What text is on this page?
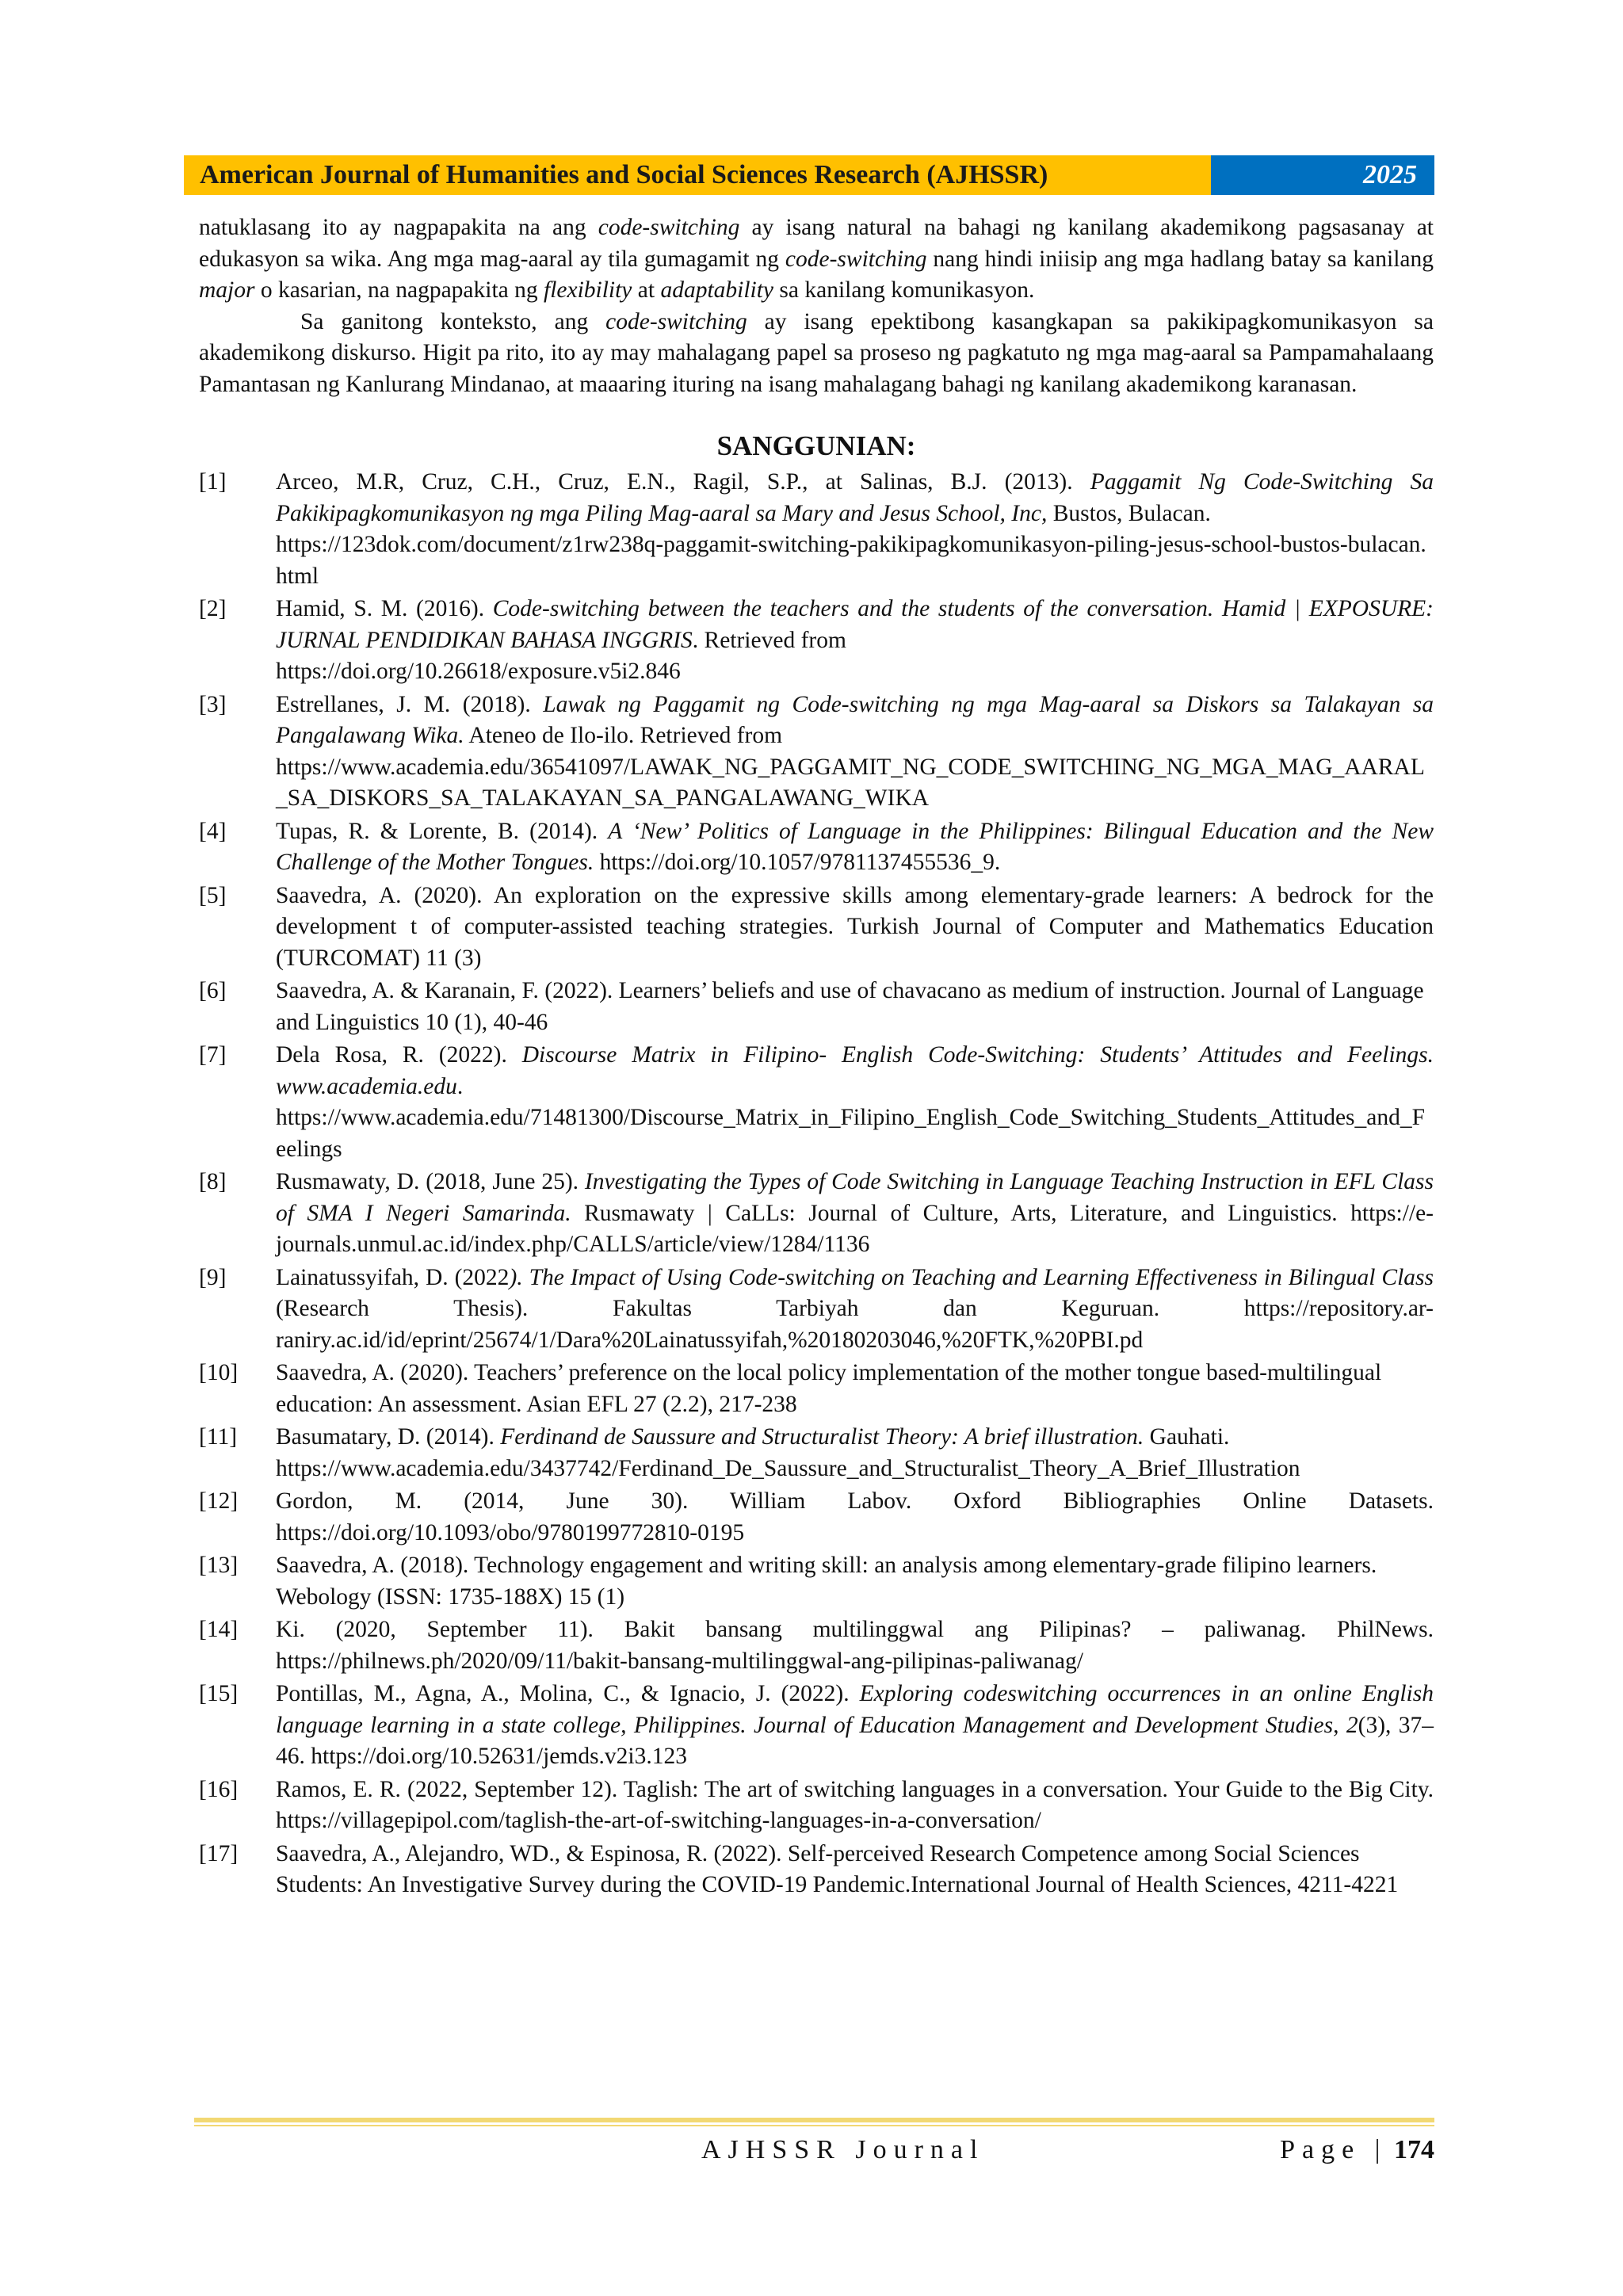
American Journal of Humanities and Social Sciences Research (AJHSSR)	2025

natuklasang ito ay nagpapakita na ang code-switching ay isang natural na bahagi ng kanilang akademikong pagsasanay at edukasyon sa wika. Ang mga mag-aaral ay tila gumagamit ng code-switching nang hindi iniisip ang mga hadlang batay sa kanilang major o kasarian, na nagpapakita ng flexibility at adaptability sa kanilang komunikasyon.

Sa ganitong konteksto, ang code-switching ay isang epektibong kasangkapan sa pakikipagkomunikasyon sa akademikong diskurso. Higit pa rito, ito ay may mahalagang papel sa proseso ng pagkatuto ng mga mag-aaral sa Pampamahalaang Pamantasan ng Kanlurang Mindanao, at maaaring ituring na isang mahalagang bahagi ng kanilang akademikong karanasan.

SANGGUNIAN:
[1]	Arceo, M.R, Cruz, C.H., Cruz, E.N., Ragil, S.P., at Salinas, B.J. (2013). Paggamit Ng Code-Switching Sa Pakikipagkomunikasyon ng mga Piling Mag-aaral sa Mary and Jesus School, Inc, Bustos, Bulacan.
https://123dok.com/document/z1rw238q-paggamit-switching-pakikipagkomunikasyon-piling-jesus-school-bustos-bulacan.html
[2]	Hamid, S. M. (2016). Code-switching between the teachers and the students of the conversation. Hamid | EXPOSURE: JURNAL PENDIDIKAN BAHASA INGGRIS. Retrieved from
https://doi.org/10.26618/exposure.v5i2.846
[3]	Estrellanes, J. M. (2018). Lawak ng Paggamit ng Code-switching ng mga Mag-aaral sa Diskors sa Talakayan sa Pangalawang Wika. Ateneo de Ilo-ilo. Retrieved from
https://www.academia.edu/36541097/LAWAK_NG_PAGGAMIT_NG_CODE_SWITCHING_NG_MGA_MAG_AARAL_SA_DISKORS_SA_TALAKAYAN_SA_PANGALAWANG_WIKA
[4]	Tupas, R. & Lorente, B. (2014). A ‘New’ Politics of Language in the Philippines: Bilingual Education and the New Challenge of the Mother Tongues. https://doi.org/10.1057/9781137455536_9.
[5]	Saavedra, A. (2020). An exploration on the expressive skills among elementary-grade learners: A bedrock for the development t of computer-assisted teaching strategies. Turkish Journal of Computer and Mathematics Education (TURCOMAT) 11 (3)
[6]	Saavedra, A. & Karanain, F. (2022). Learners’ beliefs and use of chavacano as medium of instruction. Journal of Language and Linguistics 10 (1), 40-46
[7]	Dela Rosa, R. (2022). Discourse Matrix in Filipino- English Code-Switching: Students’ Attitudes and Feelings. www.academia.edu.
https://www.academia.edu/71481300/Discourse_Matrix_in_Filipino_English_Code_Switching_Students_Attitudes_and_Feelings
[8]	Rusmawaty, D. (2018, June 25). Investigating the Types of Code Switching in Language Teaching Instruction in EFL Class of SMA I Negeri Samarinda. Rusmawaty | CaLLs: Journal of Culture, Arts, Literature, and Linguistics. https://e-journals.unmul.ac.id/index.php/CALLS/article/view/1284/1136
[9]	Lainatussyifah, D. (2022). The Impact of Using Code-switching on Teaching and Learning Effectiveness in Bilingual Class (Research Thesis). Fakultas Tarbiyah dan Keguruan. https://repository.ar-raniry.ac.id/id/eprint/25674/1/Dara%20Lainatussyifah,%20180203046,%20FTK,%20PBI.pd
[10]	Saavedra, A. (2020). Teachers’ preference on the local policy implementation of the mother tongue based-multilingual education: An assessment. Asian EFL 27 (2.2), 217-238
[11]	Basumatary, D. (2014). Ferdinand de Saussure and Structuralist Theory: A brief illustration. Gauhati.
https://www.academia.edu/3437742/Ferdinand_De_Saussure_and_Structuralist_Theory_A_Brief_Illustration
[12]	Gordon, M. (2014, June 30). William Labov. Oxford Bibliographies Online Datasets. https://doi.org/10.1093/obo/9780199772810-0195
[13]	Saavedra, A. (2018). Technology engagement and writing skill: an analysis among elementary-grade filipino learners. Webology (ISSN: 1735-188X) 15 (1)
[14]	Ki. (2020, September 11). Bakit bansang multilinggwal ang Pilipinas? – paliwanag. PhilNews. https://philnews.ph/2020/09/11/bakit-bansang-multilinggwal-ang-pilipinas-paliwanag/
[15]	Pontillas, M., Agna, A., Molina, C., & Ignacio, J. (2022). Exploring codeswitching occurrences in an online English language learning in a state college, Philippines. Journal of Education Management and Development Studies, 2(3), 37–46. https://doi.org/10.52631/jemds.v2i3.123
[16]	Ramos, E. R. (2022, September 12). Taglish: The art of switching languages in a conversation. Your Guide to the Big City. https://villagepipol.com/taglish-the-art-of-switching-languages-in-a-conversation/
[17]	Saavedra, A., Alejandro, WD., & Espinosa, R. (2022). Self-perceived Research Competence among Social Sciences Students: An Investigative Survey during the COVID-19 Pandemic.International Journal of Health Sciences, 4211-4221
AJHSSR Journal	Page | 174
